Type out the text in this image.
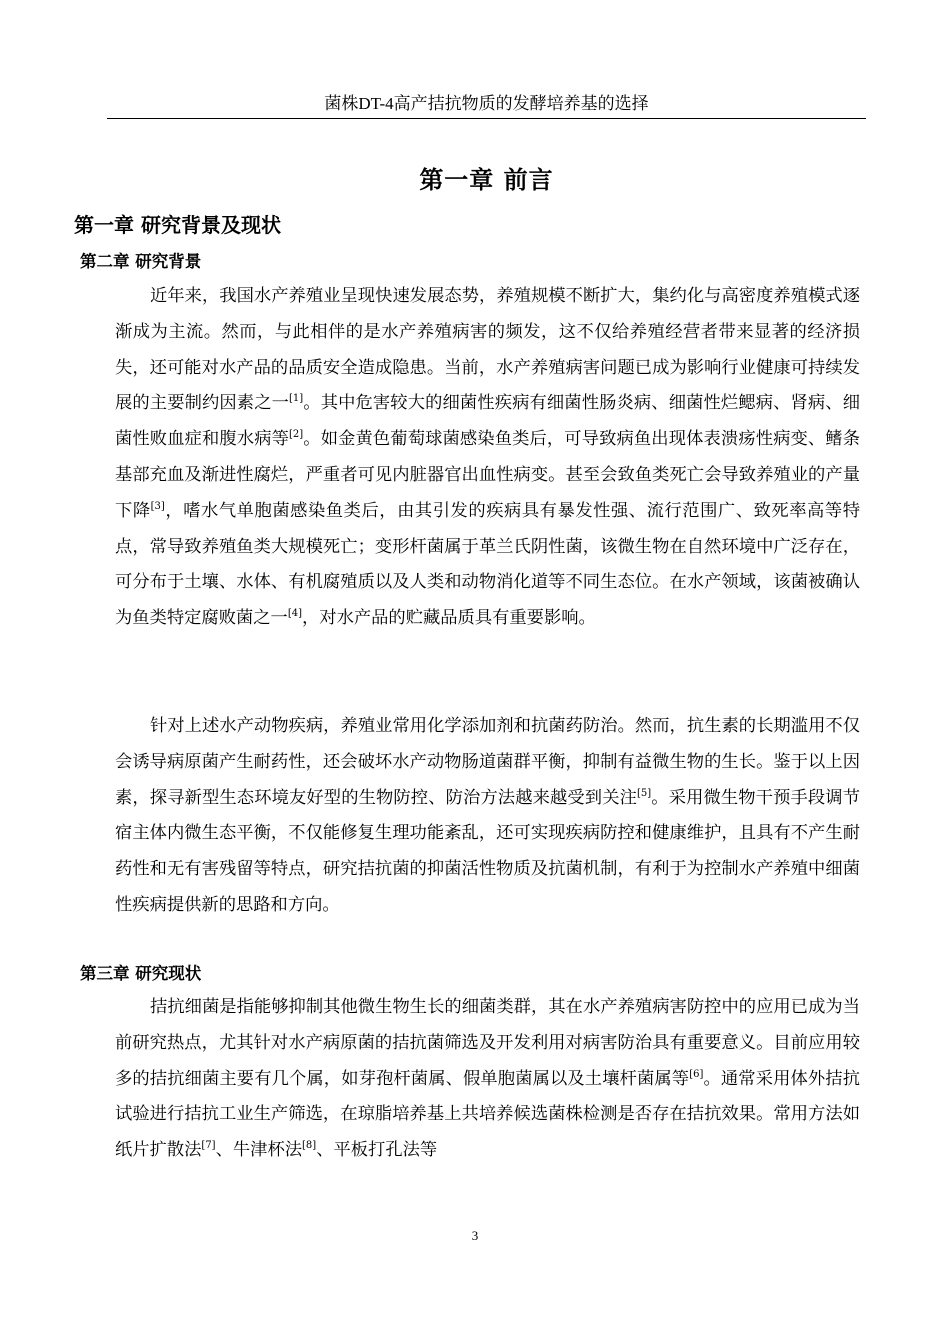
菌株DT-4高产拮抗物质的发酵培养基的选择
第一章 前言
第一章 研究背景及现状
第二章 研究背景

近年来，我国水产养殖业呈现快速发展态势，养殖规模不断扩大，集约化与高密度养殖模式逐渐成为主流。然而，与此相伴的是水产养殖病害的频发，这不仅给养殖经营者带来显著的经济损失，还可能对水产品的品质安全造成隐患。当前，水产养殖病害问题已成为影响行业健康可持续发展的主要制约因素之一[1]。其中危害较大的细菌性疾病有细菌性肠炎病、细菌性烂鳃病、肾病、细菌性败血症和腹水病等[2]。如金黄色葡萄球菌感染鱼类后，可导致病鱼出现体表溃疡性病变、鳍条基部充血及渐进性腐烂，严重者可见内脏器官出血性病变。甚至会致鱼类死亡会导致养殖业的产量下降[3]，嗜水气单胞菌感染鱼类后，由其引发的疾病具有暴发性强、流行范围广、致死率高等特点，常导致养殖鱼类大规模死亡；变形杆菌属于革兰氏阴性菌，该微生物在自然环境中广泛存在，可分布于土壤、水体、有机腐殖质以及人类和动物消化道等不同生态位。在水产领域，该菌被确认为鱼类特定腐败菌之一[4]，对水产品的贮藏品质具有重要影响。

针对上述水产动物疾病，养殖业常用化学添加剂和抗菌药防治。然而，抗生素的长期滥用不仅会诱导病原菌产生耐药性，还会破坏水产动物肠道菌群平衡，抑制有益微生物的生长。鉴于以上因素，探寻新型生态环境友好型的生物防控、防治方法越来越受到关注[5]。采用微生物干预手段调节宿主体内微生态平衡，不仅能修复生理功能紊乱，还可实现疾病防控和健康维护，且具有不产生耐药性和无有害残留等特点，研究拮抗菌的抑菌活性物质及抗菌机制，有利于为控制水产养殖中细菌性疾病提供新的思路和方向。

第三章 研究现状

拮抗细菌是指能够抑制其他微生物生长的细菌类群，其在水产养殖病害防控中的应用已成为当前研究热点，尤其针对水产病原菌的拮抗菌筛选及开发利用对病害防治具有重要意义。目前应用较多的拮抗细菌主要有几个属，如芽孢杆菌属、假单胞菌属以及土壤杆菌属等[6]。通常采用体外拮抗试验进行拮抗工业生产筛选，在琼脂培养基上共培养候选菌株检测是否存在拮抗效果。常用方法如纸片扩散法[7]、牛津杯法[8]、平板打孔法等

3
